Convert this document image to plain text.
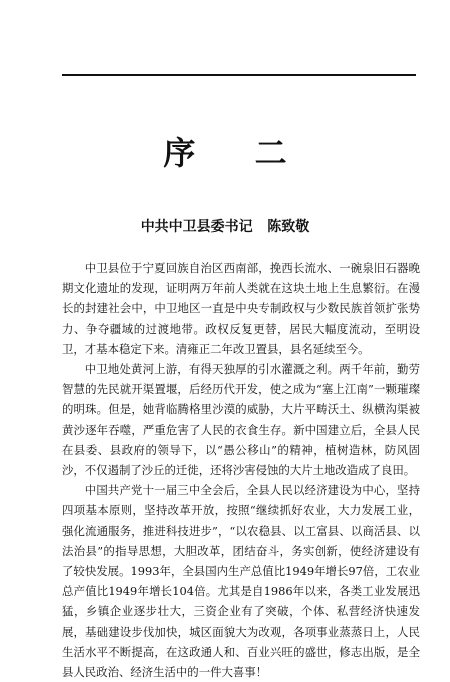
序 二
中共中卫县委书记   陈致敬

中卫县位于宁夏回族自治区西南部，挽西长流水、一碗泉旧石器晚期文化遗址的发现，证明两万年前人类就在这块土地上生息繁衍。在漫长的封建社会中，中卫地区一直是中央专制政权与少数民族首领扩张势力、争夺疆域的过渡地带。政权反复更替，居民大幅度流动，至明设卫，才基本稳定下来。清雍正二年改卫置县，县名延续至今。

中卫地处黄河上游，有得天独厚的引水灌溉之利。两千年前，勤劳智慧的先民就开渠置堰，后经历代开发，使之成为“塞上江南”一颗璀璨的明珠。但是，她背临腾格里沙漠的威胁，大片平畴沃土、纵横沟渠被黄沙逐年吞噬，严重危害了人民的衣食生存。新中国建立后，全县人民在县委、县政府的领导下，以“愚公移山”的精神，植树造林，防风固沙，不仅遏制了沙丘的迁徙，还将沙害侵蚀的大片土地改造成了良田。

中国共产党十一届三中全会后，全县人民以经济建设为中心，坚持四项基本原则，坚持改革开放，按照“继续抓好农业，大力发展工业，强化流通服务，推进科技进步”，“以农稳县、以工富县、以商活县、以法治县”的指导思想，大胆改革，团结奋斗，务实创新，使经济建设有了较快发展。1993年，全县国内生产总值比1949年增长97倍，工农业总产值比1949年增长104倍。尤其是自1986年以来，各类工业发展迅猛，乡镇企业逐步壮大，三资企业有了突破，个体、私营经济快速发展，基础建设步伐加快，城区面貌大为改观，各项事业蒸蒸日上，人民生活水平不断提高，在这政通人和、百业兴旺的盛世，修志出版，是全县人民政治、经济生活中的一件大喜事！
